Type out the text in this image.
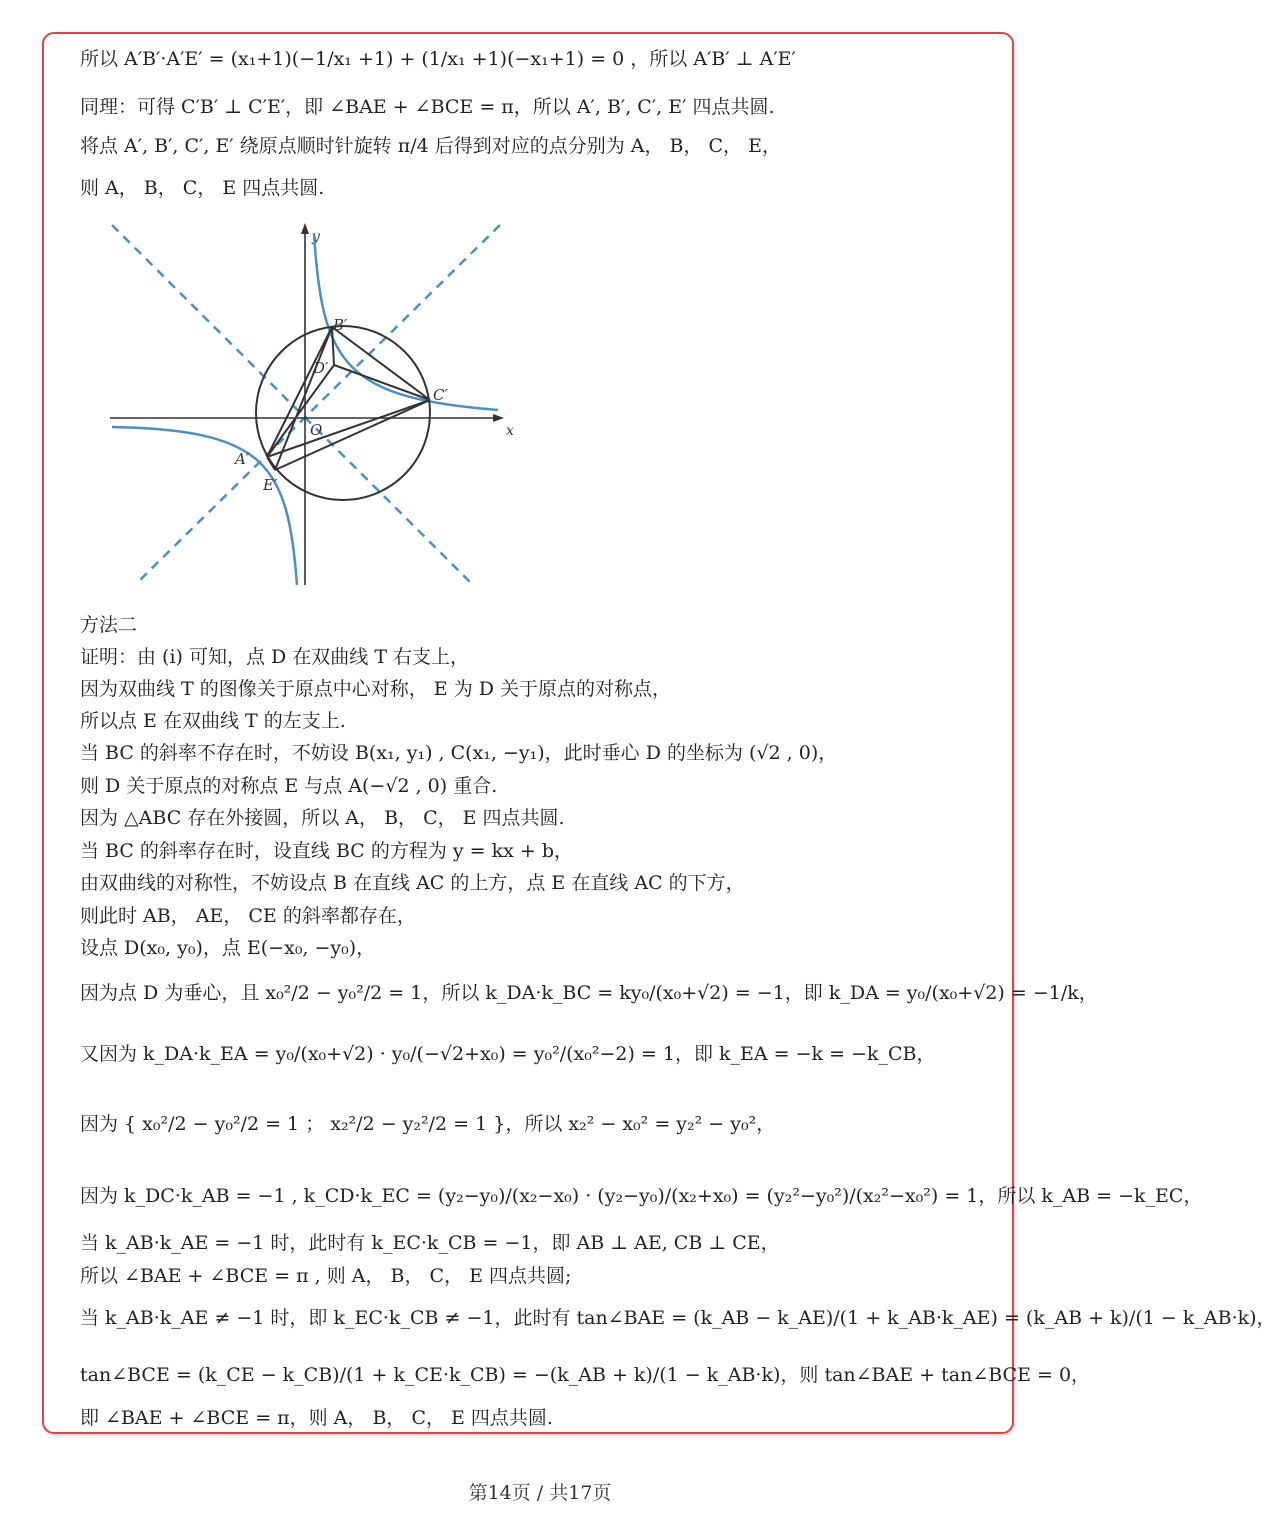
所以 A′B′·A′E′ = (x₁+1)(−1/x₁ +1) + (1/x₁ +1)(−x₁+1) = 0 ，所以 A′B′ ⊥ A′E′
同理：可得 C′B′ ⊥ C′E′，即 ∠BAE + ∠BCE = π，所以 A′, B′, C′, E′ 四点共圆.
将点 A′, B′, C′, E′ 绕原点顺时针旋转 π/4 后得到对应的点分别为 A， B， C， E，
则 A， B， C， E 四点共圆.
y
x
O
B′
D′
C′
A′
E′
方法二
证明：由 (i) 可知，点 D 在双曲线 T 右支上，
因为双曲线 T 的图像关于原点中心对称， E 为 D 关于原点的对称点，
所以点 E 在双曲线 T 的左支上.
当 BC 的斜率不存在时，不妨设 B(x₁, y₁) , C(x₁, −y₁)，此时垂心 D 的坐标为 (√2 , 0)，
则 D 关于原点的对称点 E 与点 A(−√2 , 0) 重合.
因为 △ABC 存在外接圆，所以 A， B， C， E 四点共圆.
当 BC 的斜率存在时，设直线 BC 的方程为 y = kx + b，
由双曲线的对称性，不妨设点 B 在直线 AC 的上方，点 E 在直线 AC 的下方，
则此时 AB， AE， CE 的斜率都存在，
设点 D(x₀, y₀)，点 E(−x₀, −y₀)，
因为点 D 为垂心，且 x₀²/2 − y₀²/2 = 1，所以 k_DA·k_BC = ky₀/(x₀+√2) = −1，即 k_DA = y₀/(x₀+√2) = −1/k，
又因为 k_DA·k_EA = y₀/(x₀+√2) · y₀/(−√2+x₀) = y₀²/(x₀²−2) = 1，即 k_EA = −k = −k_CB，
因为 { x₀²/2 − y₀²/2 = 1 ； x₂²/2 − y₂²/2 = 1 }，所以 x₂² − x₀² = y₂² − y₀²，
因为 k_DC·k_AB = −1 , k_CD·k_EC = (y₂−y₀)/(x₂−x₀) · (y₂−y₀)/(x₂+x₀) = (y₂²−y₀²)/(x₂²−x₀²) = 1，所以 k_AB = −k_EC，
当 k_AB·k_AE = −1 时，此时有 k_EC·k_CB = −1，即 AB ⊥ AE, CB ⊥ CE，
所以 ∠BAE + ∠BCE = π , 则 A， B， C， E 四点共圆;
当 k_AB·k_AE ≠ −1 时，即 k_EC·k_CB ≠ −1，此时有 tan∠BAE = (k_AB − k_AE)/(1 + k_AB·k_AE) = (k_AB + k)/(1 − k_AB·k)，
tan∠BCE = (k_CE − k_CB)/(1 + k_CE·k_CB) = −(k_AB + k)/(1 − k_AB·k)，则 tan∠BAE + tan∠BCE = 0，
即 ∠BAE + ∠BCE = π，则 A， B， C， E 四点共圆.
第14页 / 共17页
